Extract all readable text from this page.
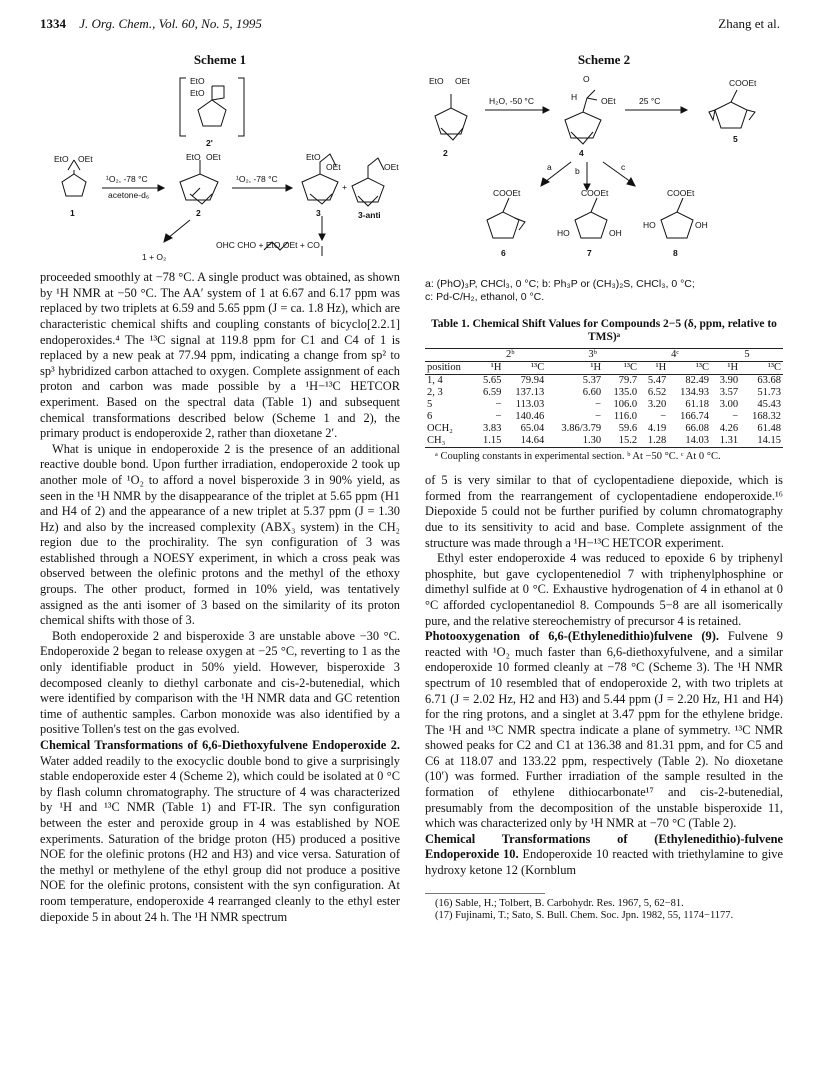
1334 J. Org. Chem., Vol. 60, No. 5, 1995	Zhang et al.
Scheme 1
EtO
EtO
2'
EtO OEt
1
¹O₂, -78 °C
acetone-d₆
EtO OEt
2
¹O₂, -78 °C
EtO
OEt
3
+
OEt
3-anti
1 + O₂
OHC CHO + EtO OEt + CO

proceeded smoothly at −78 °C. A single product was obtained, as shown by ¹H NMR at −50 °C. The AA′ system of 1 at 6.67 and 6.17 ppm was replaced by two triplets at 6.59 and 5.65 ppm (J = ca. 1.8 Hz), which are characteristic chemical shifts and coupling constants of bicyclo[2.2.1] endoperoxides.⁴ The ¹³C signal at 119.8 ppm for C1 and C4 of 1 is replaced by a new peak at 77.94 ppm, indicating a change from sp² to sp³ hybridized carbon attached to oxygen. Complete assignment of each proton and carbon was made possible by a ¹H−¹³C HETCOR experiment. Based on the spectral data (Table 1) and subsequent chemical transformations described below (Scheme 1 and 2), the primary product is endoperoxide 2, rather than dioxetane 2′.

What is unique in endoperoxide 2 is the presence of an additional reactive double bond. Upon further irradiation, endoperoxide 2 took up another mole of ¹O₂ to afford a novel bisperoxide 3 in 90% yield, as seen in the ¹H NMR by the disappearance of the triplet at 5.65 ppm (H1 and H4 of 2) and the appearance of a new triplet at 5.37 ppm (J = 1.30 Hz) and also by the increased complexity (ABX₃ system) in the CH₂ region due to the prochirality. The syn configuration of 3 was established through a NOESY experiment, in which a cross peak was observed between the olefinic protons and the methyl of the ethoxy groups. The other product, formed in 10% yield, was tentatively assigned as the anti isomer of 3 based on the similarity of its proton chemical shifts with those of 3.

Both endoperoxide 2 and bisperoxide 3 are unstable above −30 °C. Endoperoxide 2 began to release oxygen at −25 °C, reverting to 1 as the only identifiable product in 50% yield. However, bisperoxide 3 decomposed cleanly to diethyl carbonate and cis-2-butenedial, which were identified by comparison with the ¹H NMR data and GC retention time of authentic samples. Carbon monoxide was also identified by a positive Tollen's test on the gas evolved.

Chemical Transformations of 6,6-Diethoxyfulvene Endoperoxide 2. Water added readily to the exocyclic double bond to give a surprisingly stable endoperoxide ester 4 (Scheme 2), which could be isolated at 0 °C by flash column chromatography. The structure of 4 was characterized by ¹H and ¹³C NMR (Table 1) and FT-IR. The syn configuration between the ester and peroxide group in 4 was established by NOE experiments. Saturation of the bridge proton (H5) produced a positive NOE for the olefinic protons (H2 and H3) and vice versa. Saturation of the methyl or methylene of the ethyl group did not produce a positive NOE for the olefinic protons, consistent with the syn configuration. At room temperature, endoperoxide 4 rearranged cleanly to the ethyl ester diepoxide 5 in about 24 h. The ¹H NMR spectrum

Scheme 2
EtO OEt
2
H₂O, -50 °C
O
H	OEt
4
25 °C
COOEt
5
a	b	c
COOEt
6
COOEt
HO	OH
7
COOEt
HO	OH
8
a: (PhO)₃P, CHCl₃, 0 °C; b: Ph₃P or (CH₃)₂S, CHCl₃, 0 °C;
c: Pd-C/H₂, ethanol, 0 °C.
Table 1. Chemical Shift Values for Compounds 2−5 (δ, ppm, relative to TMS)ᵃ
	2ᵇ		3ᵇ		4ᶜ		5	
position	¹H	¹³C	¹H	¹³C	¹H	¹³C	¹H	¹³C
1, 4	5.65	79.94	5.37	79.7	5.47	82.49	3.90	63.68
2, 3	6.59	137.13	6.60	135.0	6.52	134.93	3.57	51.73
5	−	113.03	−	106.0	3.20	61.18	3.00	45.43
6	−	140.46	−	116.0	−	166.74	−	168.32
OCH₂	3.83	65.04	3.86/3.79	59.6	4.19	66.08	4.26	61.48
CH₃	1.15	14.64	1.30	15.2	1.28	14.03	1.31	14.15
ᵃ Coupling constants in experimental section. ᵇ At −50 °C. ᶜ At 0 °C.

of 5 is very similar to that of cyclopentadiene diepoxide, which is formed from the rearrangement of cyclopentadiene endoperoxide.¹⁶ Diepoxide 5 could not be further purified by column chromatography due to its sensitivity to acid and base. Complete assignment of the structure was made through a ¹H−¹³C HETCOR experiment.

Ethyl ester endoperoxide 4 was reduced to epoxide 6 by triphenyl phosphite, but gave cyclopentenediol 7 with triphenylphosphine or dimethyl sulfide at 0 °C. Exhaustive hydrogenation of 4 in ethanol at 0 °C afforded cyclopentanediol 8. Compounds 5−8 are all isomerically pure, and the relative stereochemistry of precursor 4 is retained.

Photooxygenation of 6,6-(Ethylenedithio)fulvene (9). Fulvene 9 reacted with ¹O₂ much faster than 6,6-diethoxyfulvene, and a similar endoperoxide 10 formed cleanly at −78 °C (Scheme 3). The ¹H NMR spectrum of 10 resembled that of endoperoxide 2, with two triplets at 6.71 (J = 2.02 Hz, H2 and H3) and 5.44 ppm (J = 2.20 Hz, H1 and H4) for the ring protons, and a singlet at 3.47 ppm for the ethylene bridge. The ¹H and ¹³C NMR spectra indicate a plane of symmetry. ¹³C NMR showed peaks for C2 and C1 at 136.38 and 81.31 ppm, and for C5 and C6 at 118.07 and 133.22 ppm, respectively (Table 2). No dioxetane (10′) was formed. Further irradiation of the sample resulted in the formation of ethylene dithiocarbonate¹⁷ and cis-2-butenedial, presumably from the decomposition of the unstable bisperoxide 11, which was characterized only by ¹H NMR at −70 °C (Table 2).

Chemical Transformations of (Ethylenedithio)-fulvene Endoperoxide 10. Endoperoxide 10 reacted with triethylamine to give hydroxy ketone 12 (Kornblum

(16) Sable, H.; Tolbert, B. Carbohydr. Res. 1967, 5, 62−81.
(17) Fujinami, T.; Sato, S. Bull. Chem. Soc. Jpn. 1982, 55, 1174−1177.
